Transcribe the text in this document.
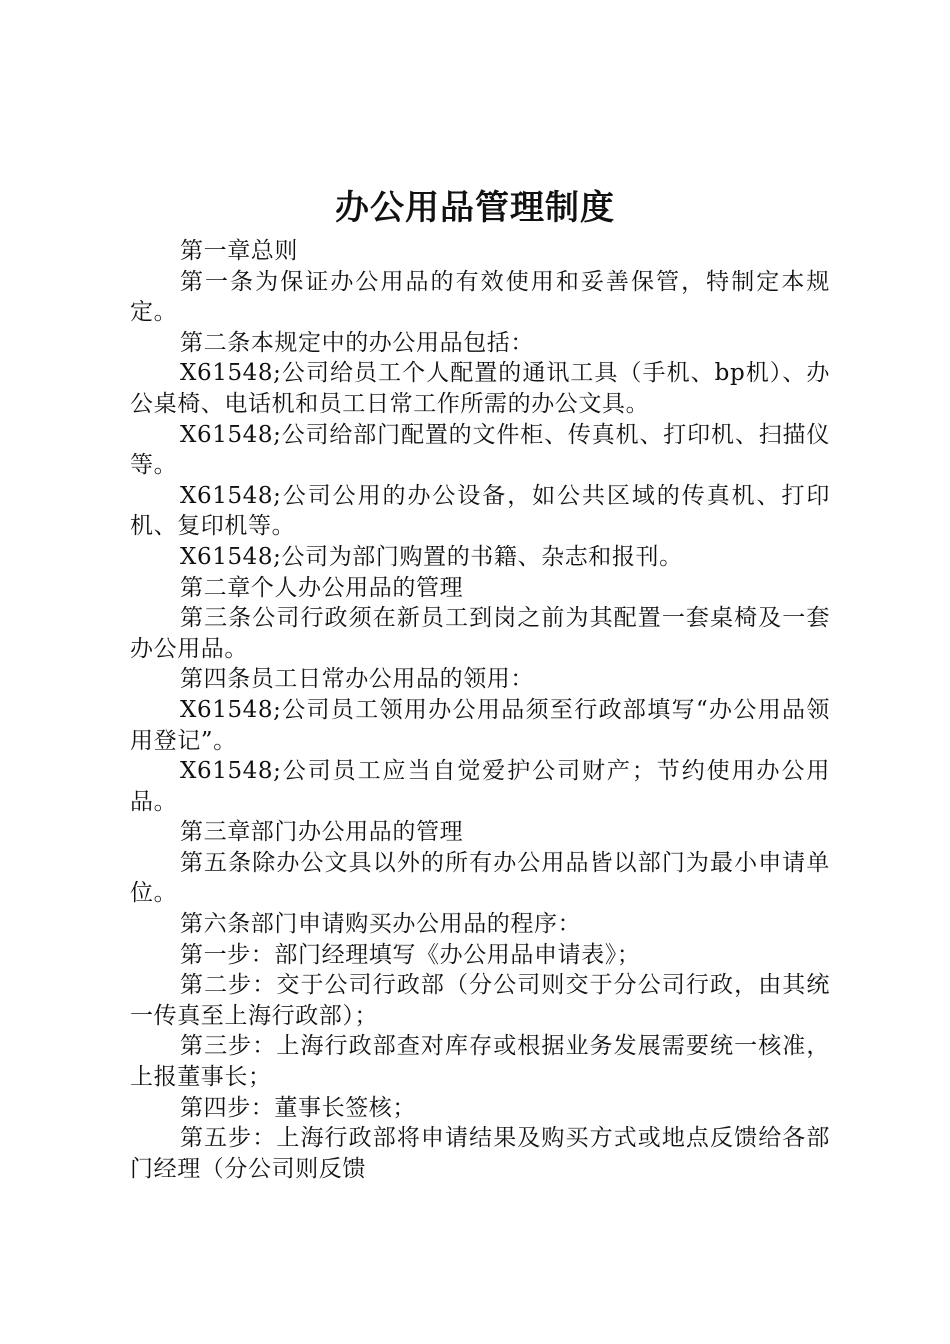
办公用品管理制度

第一章总则

第一条为保证办公用品的有效使用和妥善保管，特制定本规定。

第二条本规定中的办公用品包括：

X61548;公司给员工个人配置的通讯工具（手机、bp机）、办公桌椅、电话机和员工日常工作所需的办公文具。

X61548;公司给部门配置的文件柜、传真机、打印机、扫描仪等。

X61548;公司公用的办公设备，如公共区域的传真机、打印机、复印机等。

X61548;公司为部门购置的书籍、杂志和报刊。

第二章个人办公用品的管理

第三条公司行政须在新员工到岗之前为其配置一套桌椅及一套办公用品。

第四条员工日常办公用品的领用：

X61548;公司员工领用办公用品须至行政部填写“办公用品领用登记”。

X61548;公司员工应当自觉爱护公司财产；节约使用办公用品。

第三章部门办公用品的管理

第五条除办公文具以外的所有办公用品皆以部门为最小申请单位。

第六条部门申请购买办公用品的程序：

第一步：部门经理填写《办公用品申请表》；

第二步：交于公司行政部（分公司则交于分公司行政，由其统一传真至上海行政部）；

第三步：上海行政部查对库存或根据业务发展需要统一核准，上报董事长；

第四步：董事长签核；

第五步：上海行政部将申请结果及购买方式或地点反馈给各部门经理（分公司则反馈
